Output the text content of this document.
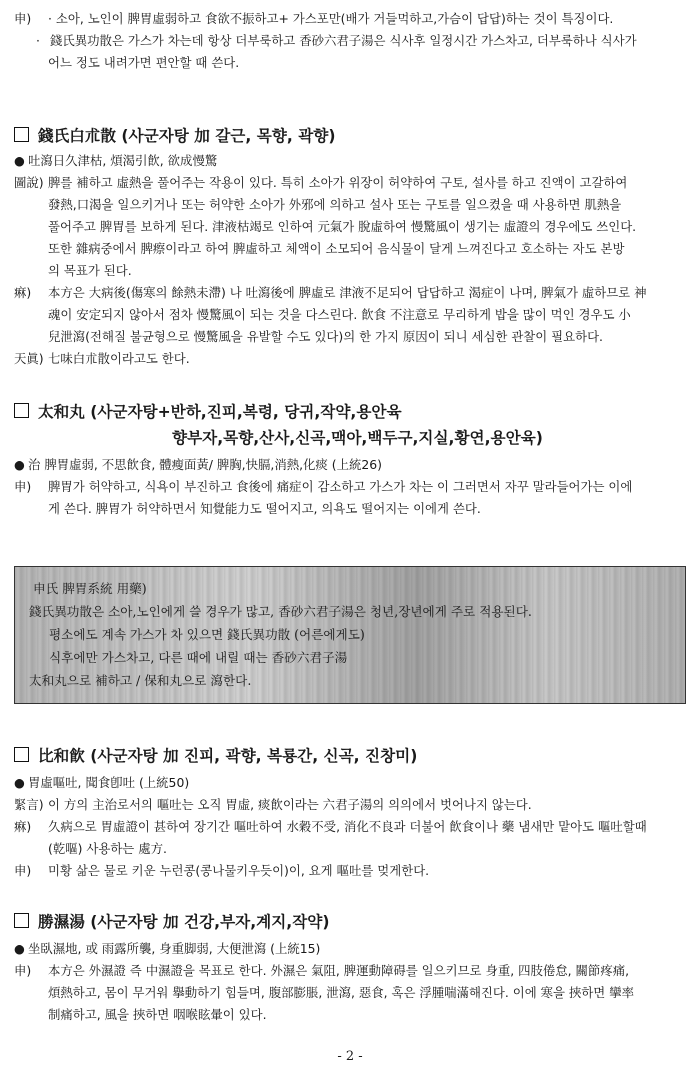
申) · 소아, 노인이 脾胃虛弱하고 食欲不振하고+ 가스포만(배가 거들먹하고,가슴이 답답)하는 것이 특징이다.
· 錢氏異功散은 가스가 차는데 항상 더부룩하고 香砂六君子湯은 식사후 일정시간 가스차고, 더부룩하나 식사가
어느 정도 내려가면 편안할 때 쓴다.
錢氏白朮散 (사군자탕 加 갈근, 목향, 곽향)
● 吐瀉日久津枯, 煩渴引飮, 欲成慢驚
圖說) 脾를 補하고 虛熱을 풀어주는 작용이 있다. 특히 소아가 위장이 허약하여 구토, 설사를 하고 진액이 고갈하여
發熱,口渴을 일으키거나 또는 허약한 소아가 外邪에 의하고 설사 또는 구토를 일으켰을 때 사용하면 肌熱을
풀어주고 脾胃를 보하게 된다. 津液枯竭로 인하여 元氣가 脫虛하여 慢驚風이 생기는 虛證의 경우에도 쓰인다.
또한 雜病중에서 脾瘵이라고 하여 脾虛하고 체액이 소모되어 음식물이 달게 느껴진다고 호소하는 자도 본방
의 목표가 된다.
痳) 本方은 大病後(傷寒의 餘熱未滯) 나 吐瀉後에 脾虛로 津液不足되어 답답하고 渴症이 나며, 脾氣가 虛하므로 神
魂이 安定되지 않아서 점차 慢驚風이 되는 것을 다스린다. 飮食 不注意로 무리하게 밥을 많이 먹인 경우도 小
兒泄瀉(전해질 불균형으로 慢驚風을 유발할 수도 있다)의 한 가지 原因이 되니 세심한 관찰이 필요하다.
天眞) 七味白朮散이라고도 한다.
太和丸 (사군자탕+반하,진피,복령, 당귀,작약,용안육
향부자,목향,산사,신곡,맥아,백두구,지실,황연,용안육)
● 治 脾胃虛弱, 不思飮食, 體瘦面黃/ 脾胸,快膈,消熱,化痰 (上統26)
申) 脾胃가 허약하고, 식욕이 부진하고 食後에 痛症이 감소하고 가스가 차는 이 그러면서 자꾸 말라들어가는 이에
게 쓴다. 脾胃가 허약하면서 知覺能力도 떨어지고, 의욕도 떨어지는 이에게 쓴다.
申氏 脾胃系統 用藥)
錢氏異功散은 소아,노인에게 쓸 경우가 많고, 香砂六君子湯은 청년,장년에게 주로 적용된다.
평소에도 계속 가스가 차 있으면 錢氏異功散 (어른에게도)
식후에만 가스차고, 다른 때에 내릴 때는 香砂六君子湯
太和丸으로 補하고 / 保和丸으로 瀉한다.
比和飮 (사군자탕 加 진피, 곽향, 복룡간, 신곡, 진창미)
● 胃虛嘔吐, 聞食卽吐 (上統50)
緊言) 이 方의 主治로서의 嘔吐는 오직 胃虛, 痰飮이라는 六君子湯의 의의에서 벗어나지 않는다.
痳) 久病으로 胃虛證이 甚하여 장기간 嘔吐하여 水穀不受, 消化不良과 더불어 飮食이나 藥 냄새만 맡아도 嘔吐할때
(乾嘔) 사용하는 處方.
申) 미황 삶은 물로 키운 누런콩(콩나물키우듯이)이, 요게 嘔吐를 멎게한다.
勝濕湯 (사군자탕 加 건강,부자,계지,작약)
● 坐臥濕地, 或 雨露所襲, 身重脚弱, 大便泄瀉 (上統15)
申) 本方은 外濕證 즉 中濕證을 목표로 한다. 外濕은 氣阻, 脾運動障碍를 일으키므로 身重, 四肢倦怠, 關節疼痛,
煩熱하고, 몸이 무거워 擧動하기 힘들며, 腹部膨脹, 泄瀉, 惡食, 혹은 浮腫喘滿해진다. 이에 寒을 挾하면 攣率
制痛하고, 風을 挾하면 咽喉眩暈이 있다.
- 2 -
